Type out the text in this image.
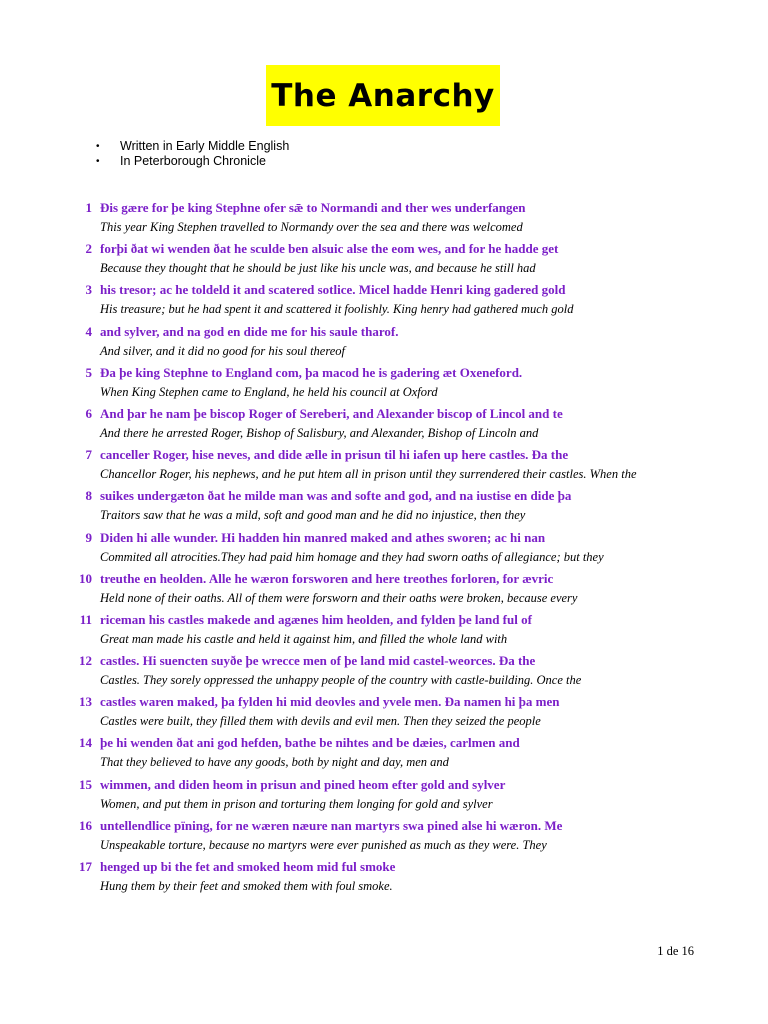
The Anarchy
•	Written in Early Middle English
•	In Peterborough Chronicle
1 Ðis gære for þe king Stephne ofer sǣ to Normandi and ther wes underfangen
This year King Stephen travelled to Normandy over the sea and there was welcomed
2 forþi ðat wi wenden ðat he sculde ben alsuic alse the eom wes, and for he hadde get
Because they thought that he should be just like his uncle was, and because he still had
3 his tresor; ac he toldeld it and scatered sotlice. Micel hadde Henri king gadered gold
His treasure; but he had spent it and scattered it foolishly. King henry had gathered much gold
4 and sylver, and na god en dide me for his saule tharof.
And silver, and it did no good for his soul thereof
5 Ða þe king Stephne to England com, þa macod he is gadering æt Oxeneford.
When King Stephen came to England, he held his council at Oxford
6 And þar he nam þe biscop Roger of Sereberi, and Alexander biscop of Lincol and te
And there he arrested Roger, Bishop of Salisbury, and Alexander, Bishop of Lincoln and
7 canceller Roger, hise neves, and dide ælle in prisun til hi iafen up here castles. Ða the
Chancellor Roger, his nephews, and he put htem all in prison until they surrendered their castles. When the
8 suikes undergæton ðat he milde man was and softe and god, and na iustise en dide þa
Traitors saw that he was a mild, soft and good man and he did no injustice, then they
9 Diden hi alle wunder. Hi hadden hin manred maked and athes sworen; ac hi nan
Commited all atrocities.They had paid him homage and they had sworn oaths of allegiance; but they
10 treuthe en heolden. Alle he wæron forsworen and here treothes forloren, for ævric
Held none of their oaths. All of them were forsworn and their oaths were broken, because every
11 riceman his castles makede and agænes him heolden, and fylden þe land ful of
Great man made his castle and held it against him, and filled the whole land with
12 castles. Hi suencten suyðe þe wrecce men of þe land mid castel-weorces. Ða the
Castles. They sorely oppressed the unhappy people of the country with castle-building. Once the
13 castles waren maked, þa fylden hi mid deovles and yvele men. Ða namen hi þa men
Castles were built, they filled them with devils and evil men. Then they seized the people
14 þe hi wenden ðat ani god hefden, bathe be nihtes and be dæies, carlmen and
That they believed to have any goods, both by night and day, men and
15 wimmen, and diden heom in prisun and pined heom efter gold and sylver
Women, and put them in prison and torturing them longing for gold and sylver
16 untellendlice pïning, for ne wæren næure nan martyrs swa pined alse hi wæron. Me
Unspeakable torture, because no martyrs were ever punished as much as they were. They
17 henged up bi the fet and smoked heom mid ful smoke
Hung them by their feet and smoked them with foul smoke.
1 de 16
